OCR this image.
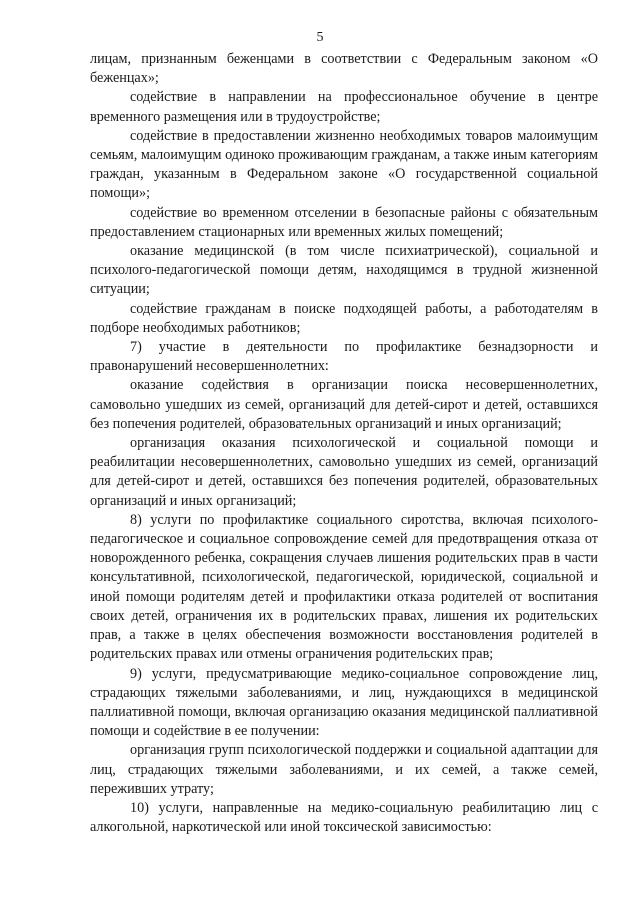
5

лицам, признанным беженцами в соответствии с Федеральным законом «О беженцах»;

содействие в направлении на профессиональное обучение в центре временного размещения или в трудоустройстве;

содействие в предоставлении жизненно необходимых товаров малоимущим семьям, малоимущим одиноко проживающим гражданам, а также иным категориям граждан, указанным в Федеральном законе «О государственной социальной помощи»;

содействие во временном отселении в безопасные районы с обязательным предоставлением стационарных или временных жилых помещений;

оказание медицинской (в том числе психиатрической), социальной и психолого-педагогической помощи детям, находящимся в трудной жизненной ситуации;

содействие гражданам в поиске подходящей работы, а работодателям в подборе необходимых работников;

7) участие в деятельности по профилактике безнадзорности и правонарушений несовершеннолетних:

оказание содействия в организации поиска несовершеннолетних, самовольно ушедших из семей, организаций для детей-сирот и детей, оставшихся без попечения родителей, образовательных организаций и иных организаций;

организация оказания психологической и социальной помощи и реабилитации несовершеннолетних, самовольно ушедших из семей, организаций для детей-сирот и детей, оставшихся без попечения родителей, образовательных организаций и иных организаций;

8) услуги по профилактике социального сиротства, включая психолого-педагогическое и социальное сопровождение семей для предотвращения отказа от новорожденного ребенка, сокращения случаев лишения родительских прав в части консультативной, психологической, педагогической, юридической, социальной и иной помощи родителям детей и профилактики отказа родителей от воспитания своих детей, ограничения их в родительских правах, лишения их родительских прав, а также в целях обеспечения возможности восстановления родителей в родительских правах или отмены ограничения родительских прав;

9) услуги, предусматривающие медико-социальное сопровождение лиц, страдающих тяжелыми заболеваниями, и лиц, нуждающихся в медицинской паллиативной помощи, включая организацию оказания медицинской паллиативной помощи и содействие в ее получении:

организация групп психологической поддержки и социальной адаптации для лиц, страдающих тяжелыми заболеваниями, и их семей, а также семей, переживших утрату;

10) услуги, направленные на медико-социальную реабилитацию лиц с алкогольной, наркотической или иной токсической зависимостью:
